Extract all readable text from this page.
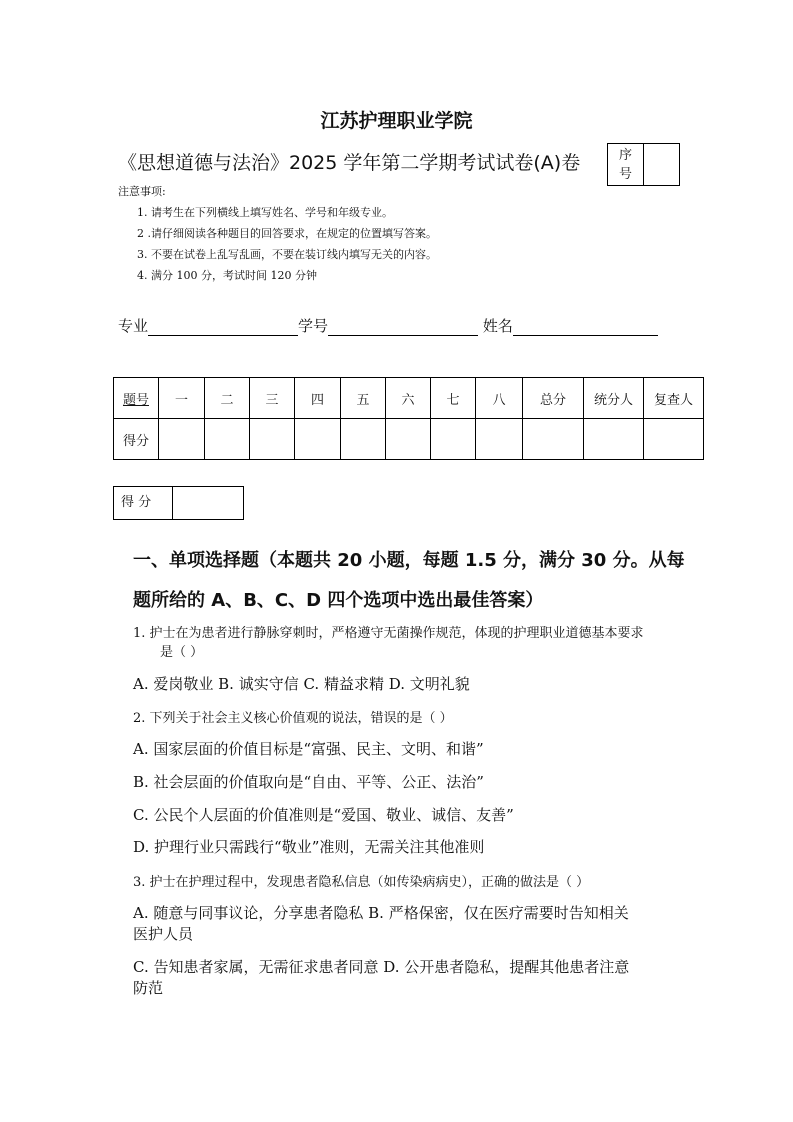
江苏护理职业学院
《思想道德与法治》2025 学年第二学期考试试卷(A)卷	序
号
注意事项:
1. 请考生在下列横线上填写姓名、学号和年级专业。
2 .请仔细阅读各种题目的回答要求，在规定的位置填写答案。
3. 不要在试卷上乱写乱画，不要在装订线内填写无关的内容。
4. 满分 100 分，考试时间 120 分钟
专业	学号	姓名
题号	一	二	三	四	五	六	七	八	总分	统分人	复查人
得分											
得 分
一、单项选择题（本题共 20 小题，每题 1.5 分，满分 30 分。从每
题所给的 A、B、C、D 四个选项中选出最佳答案）
1. 护士在为患者进行静脉穿刺时，严格遵守无菌操作规范，体现的护理职业道德基本要求
是（ ）
A. 爱岗敬业 B. 诚实守信 C. 精益求精 D. 文明礼貌
2. 下列关于社会主义核心价值观的说法，错误的是（ ）
A. 国家层面的价值目标是“富强、民主、文明、和谐”
B. 社会层面的价值取向是“自由、平等、公正、法治”
C. 公民个人层面的价值准则是“爱国、敬业、诚信、友善”
D. 护理行业只需践行“敬业”准则，无需关注其他准则
3. 护士在护理过程中，发现患者隐私信息（如传染病病史），正确的做法是（ ）
A. 随意与同事议论，分享患者隐私 B. 严格保密，仅在医疗需要时告知相关
医护人员
C. 告知患者家属，无需征求患者同意 D. 公开患者隐私，提醒其他患者注意
防范
